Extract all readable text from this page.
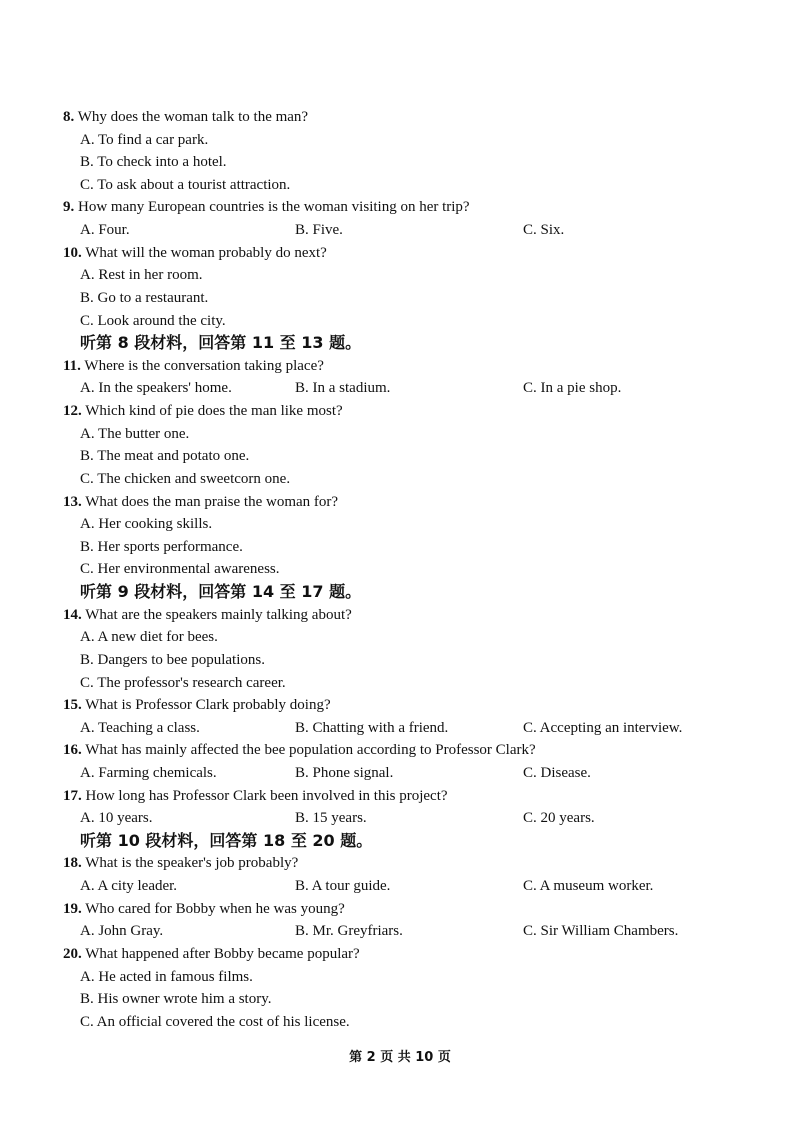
8. Why does the woman talk to the man?
A. To find a car park.
B. To check into a hotel.
C. To ask about a tourist attraction.
9. How many European countries is the woman visiting on her trip?
A. Four.	B. Five.	C. Six.
10. What will the woman probably do next?
A. Rest in her room.
B. Go to a restaurant.
C. Look around the city.
听第 8 段材料，回答第 11 至 13 题。
11. Where is the conversation taking place?
A. In the speakers' home.	B. In a stadium.	C. In a pie shop.
12. Which kind of pie does the man like most?
A. The butter one.
B. The meat and potato one.
C. The chicken and sweetcorn one.
13. What does the man praise the woman for?
A. Her cooking skills.
B. Her sports performance.
C. Her environmental awareness.
听第 9 段材料，回答第 14 至 17 题。
14. What are the speakers mainly talking about?
A. A new diet for bees.
B. Dangers to bee populations.
C. The professor's research career.
15. What is Professor Clark probably doing?
A. Teaching a class.	B. Chatting with a friend.	C. Accepting an interview.
16. What has mainly affected the bee population according to Professor Clark?
A. Farming chemicals.	B. Phone signal.	C. Disease.
17. How long has Professor Clark been involved in this project?
A. 10 years.	B. 15 years.	C. 20 years.
听第 10 段材料，回答第 18 至 20 题。
18. What is the speaker's job probably?
A. A city leader.	B. A tour guide.	C. A museum worker.
19. Who cared for Bobby when he was young?
A. John Gray.	B. Mr. Greyfriars.	C. Sir William Chambers.
20. What happened after Bobby became popular?
A. He acted in famous films.
B. His owner wrote him a story.
C. An official covered the cost of his license.
第 2 页 共 10 页
